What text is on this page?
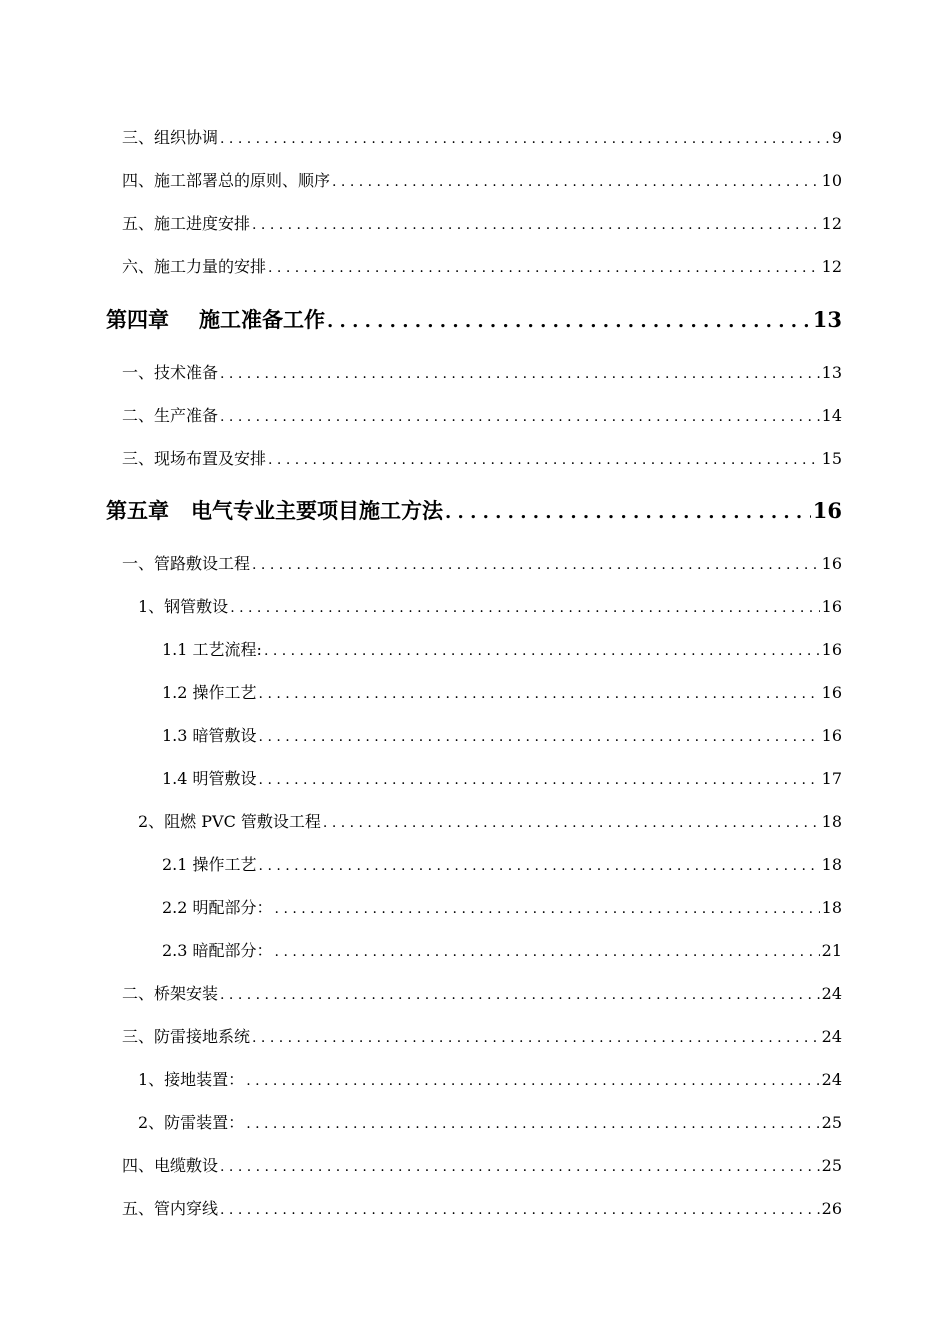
三、组织协调 . . .	9
四、施工部署总的原则、顺序 . . .	10
五、施工进度安排 . . .	12
六、施工力量的安排 . . .	12
第四章 施工准备工作 . . .	13
一、技术准备 . . .	13
二、生产准备 . . .	14
三、现场布置及安排 . . .	15
第五章 电气专业主要项目施工方法 . . .	16
一、管路敷设工程 . . .	16
1、钢管敷设 . . .	16
1.1 工艺流程: . . .	16
1.2 操作工艺 . . .	16
1.3 暗管敷设 . . .	16
1.4 明管敷设 . . .	17
2、阻燃 PVC 管敷设工程 . . .	18
2.1 操作工艺 . . .	18
2.2 明配部分： . . .	18
2.3 暗配部分： . . .	21
二、桥架安装 . . .	24
三、防雷接地系统 . . .	24
1、接地装置： . . .	24
2、防雷装置： . . .	25
四、电缆敷设 . . .	25
五、管内穿线 . . .	26
